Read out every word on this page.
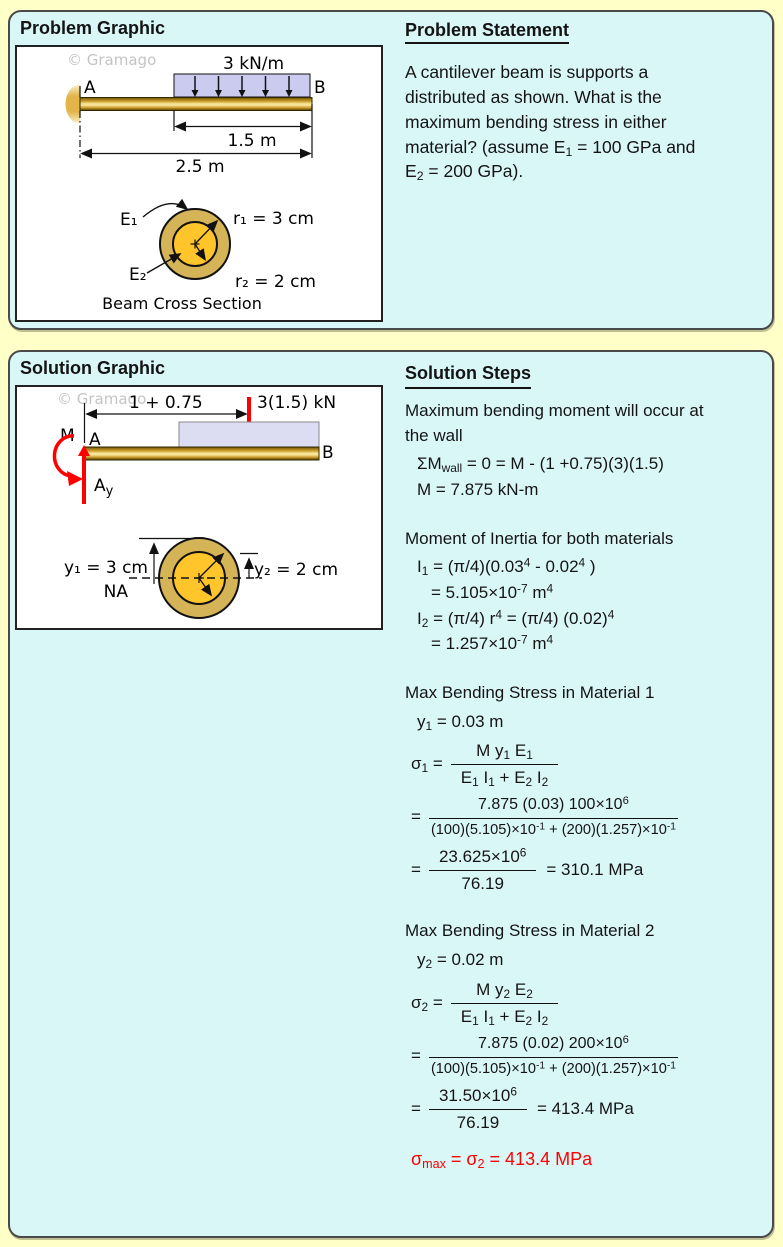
Problem Graphic
© Gramago	3 kN/m
A	B
1.5 m
2.5 m
E₁
E₂
r₁ = 3 cm
r₂ = 2 cm
Beam Cross Section
Problem Statement

A cantilever beam is supports a distributed as shown. What is the maximum bending stress in either material? (assume $E_1 = 100$ GPa and $E_2 = 200$ GPa).

Solution Graphic
© Gramago
1 + 0.75	3(1.5) kN
B
M A
$A_y$
y₁ = 3 cm
NA
y₂ = 2 cm
Solution Steps

Maximum bending moment will occur at the wall

$\Sigma M_{wall} = 0 = M - (1 +0.75)(3)(1.5)$
M = 7.875 kN-m

Moment of Inertia for both materials

$I_1 = (\pi/4)(0.03^4 - 0.02^4$ )
= $5.105\times 10^{-7}$ $m^4$
$I_2 = (\pi/4) r^4 = (\pi/4)$ $(0.02)^4$
= $1.257\times 10^{-7}$ $m^4$

Max Bending Stress in Material 1

$y_1 = 0.03$ m
$\sigma_1 = \frac{M y_1 E_1}{E_1 I_1 + E_2 I_2}$
= $\frac{7.875 (0.03) 100\times 10^6}{(100)(5.105)\times 10^{-1} + (200)(1.257)\times 10^{-1}}$
= $\frac{23.625\times 10^6}{76.19} = 310.1$ MPa

Max Bending Stress in Material 2

$y_2 = 0.02$ m
$\sigma_2 = \frac{M y_2 E_2}{E_1 I_1 + E_2 I_2}$
= $\frac{7.875 (0.02) 200\times 10^6}{(100)(5.105)\times 10^{-1} + (200)(1.257)\times 10^{-1}}$
= $\frac{31.50\times 10^6}{76.19} = 413.4$ MPa
$\sigma_{max} = \sigma_2 = 413.4$ MPa
